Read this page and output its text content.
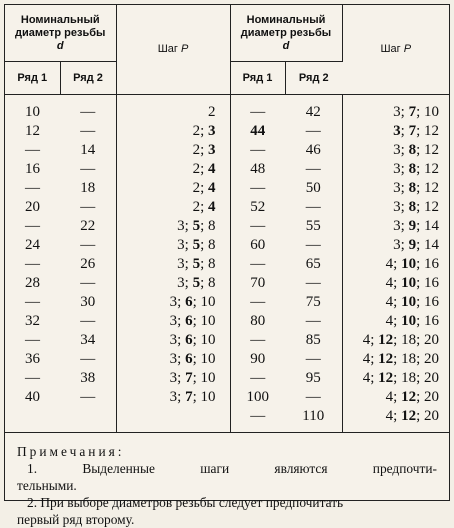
Номинальный диаметр резьбы
d		Шаг P	Номинальный диаметр резьбы
d		Шаг P
Ряд 1	Ряд 2		Ряд 1	Ряд 2	
10	—	2	—	42	3; 7; 10
12	—	2; 3	44	—	3; 7; 12
—	14	2; 3	—	46	3; 8; 12
16	—	2; 4	48	—	3; 8; 12
—	18	2; 4	—	50	3; 8; 12
20	—	2; 4	52	—	3; 8; 12
—	22	3; 5; 8	—	55	3; 9; 14
24	—	3; 5; 8	60	—	3; 9; 14
—	26	3; 5; 8	—	65	4; 10; 16
28	—	3; 5; 8	70	—	4; 10; 16
—	30	3; 6; 10	—	75	4; 10; 16
32	—	3; 6; 10	80	—	4; 10; 16
—	34	3; 6; 10	—	85	4; 12; 18; 20
36	—	3; 6; 10	90	—	4; 12; 18; 20
—	38	3; 7; 10	—	95	4; 12; 18; 20
40	—	3; 7; 10	100	—	4; 12; 20
			—	110	4; 12; 20
Примечания:
1.	Выделенные	шаги	являются	предпочти-
тельными.
2. При выборе диаметров резьбы следует предпочитать
первый ряд второму.
